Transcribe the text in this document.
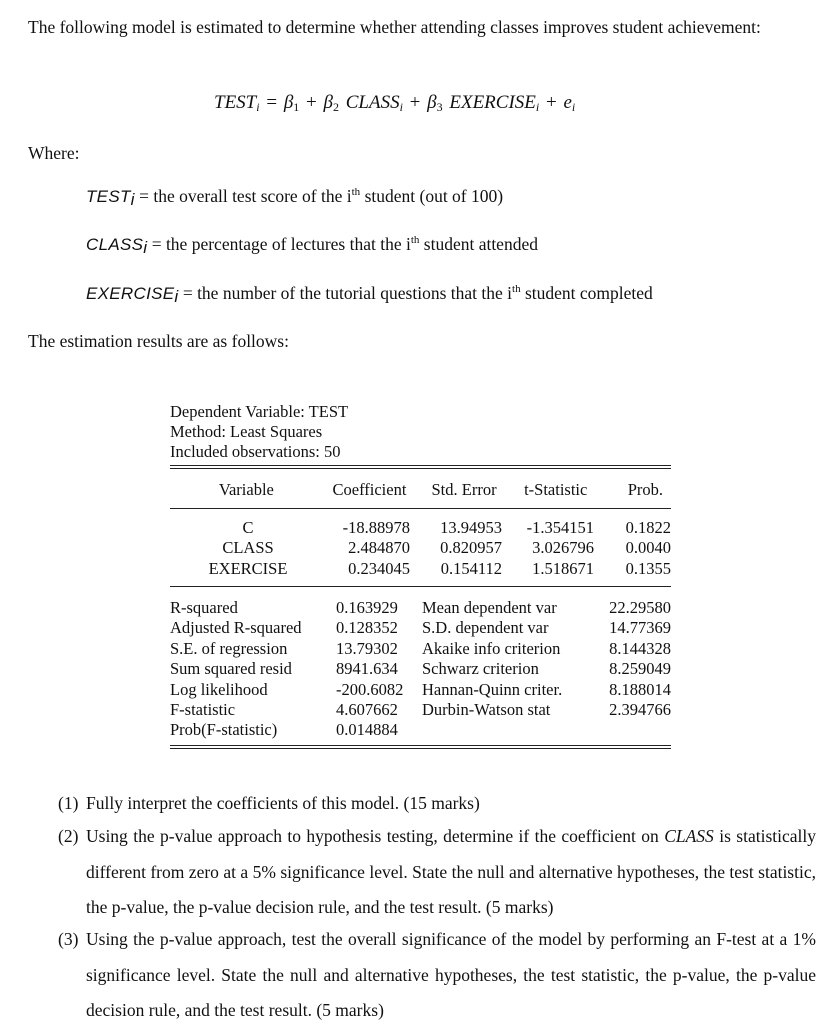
The following model is estimated to determine whether attending classes improves student achievement:
$TEST_i = \beta_1 + \beta_2$ $CLASS_i + \beta_3$ $EXERCISE_i + e_i$
Where:
$TEST_i$ = the overall test score of the $i^{th}$ student (out of 100)
$CLASS_i$ = the percentage of lectures that the $i^{th}$ student attended
$EXERCISE_i$ = the number of the tutorial questions that the $i^{th}$ student completed
The estimation results are as follows:
Dependent Variable: TEST
Method: Least Squares
Included observations: 50
Variable	Coefficient	Std. Error	t-Statistic	Prob.
C	-18.88978	13.94953	-1.354151	0.1822
CLASS	2.484870	0.820957	3.026796	0.0040
EXERCISE	0.234045	0.154112	1.518671	0.1355
R-squared	0.163929	Mean dependent var	22.29580
Adjusted R-squared	0.128352	S.D. dependent var	14.77369
S.E. of regression	13.79302	Akaike info criterion	8.144328
Sum squared resid	8941.634	Schwarz criterion	8.259049
Log likelihood	-200.6082	Hannan-Quinn criter.	8.188014
F-statistic	4.607662	Durbin-Watson stat	2.394766
Prob(F-statistic)	0.014884		
(1) Fully interpret the coefficients of this model. (15 marks)
(2) Using the p-value approach to hypothesis testing, determine if the coefficient on CLASS is statistically different from zero at a 5% significance level. State the null and alternative hypotheses, the test statistic, the p-value, the p-value decision rule, and the test result. (5 marks)
(3) Using the p-value approach, test the overall significance of the model by performing an F-test at a 1% significance level. State the null and alternative hypotheses, the test statistic, the p-value, the p-value decision rule, and the test result. (5 marks)
